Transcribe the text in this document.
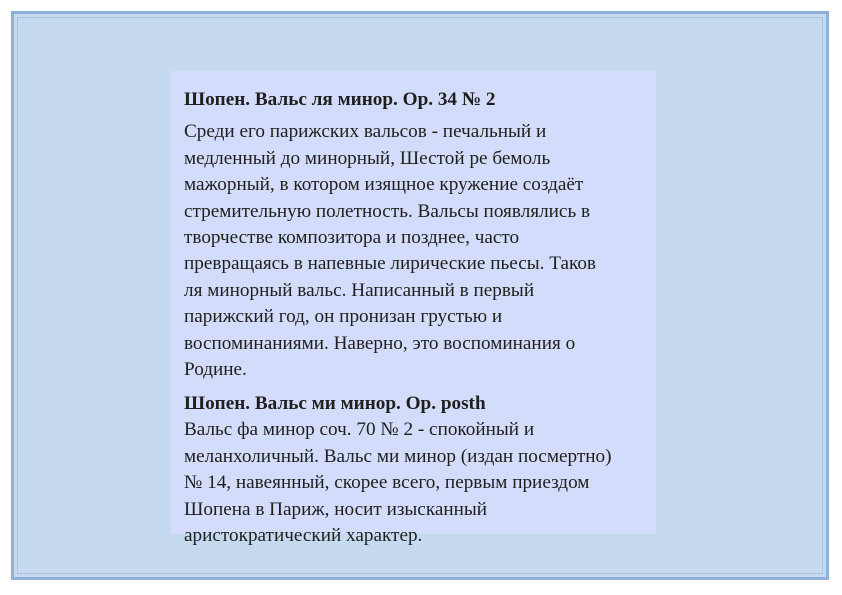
Шопен. Вальс ля минор. Op. 34 № 2

Среди его парижских вальсов - печальный и

медленный до минорный, Шестой ре бемоль

мажорный, в котором изящное кружение создаёт

стремительную полетность. Вальсы появлялись в

творчестве композитора и позднее, часто

превращаясь в напевные лирические пьесы. Таков

ля минорный вальс. Написанный в первый

парижский год, он пронизан грустью и

воспоминаниями. Наверно, это воспоминания о

Родине.

Шопен. Вальс ми минор. Op. posth

Вальс фа минор соч. 70 № 2 - спокойный и

меланхоличный. Вальс ми минор (издан посмертно)

№ 14, навеянный, скорее всего, первым приездом

Шопена в Париж, носит изысканный

аристократический характер.
